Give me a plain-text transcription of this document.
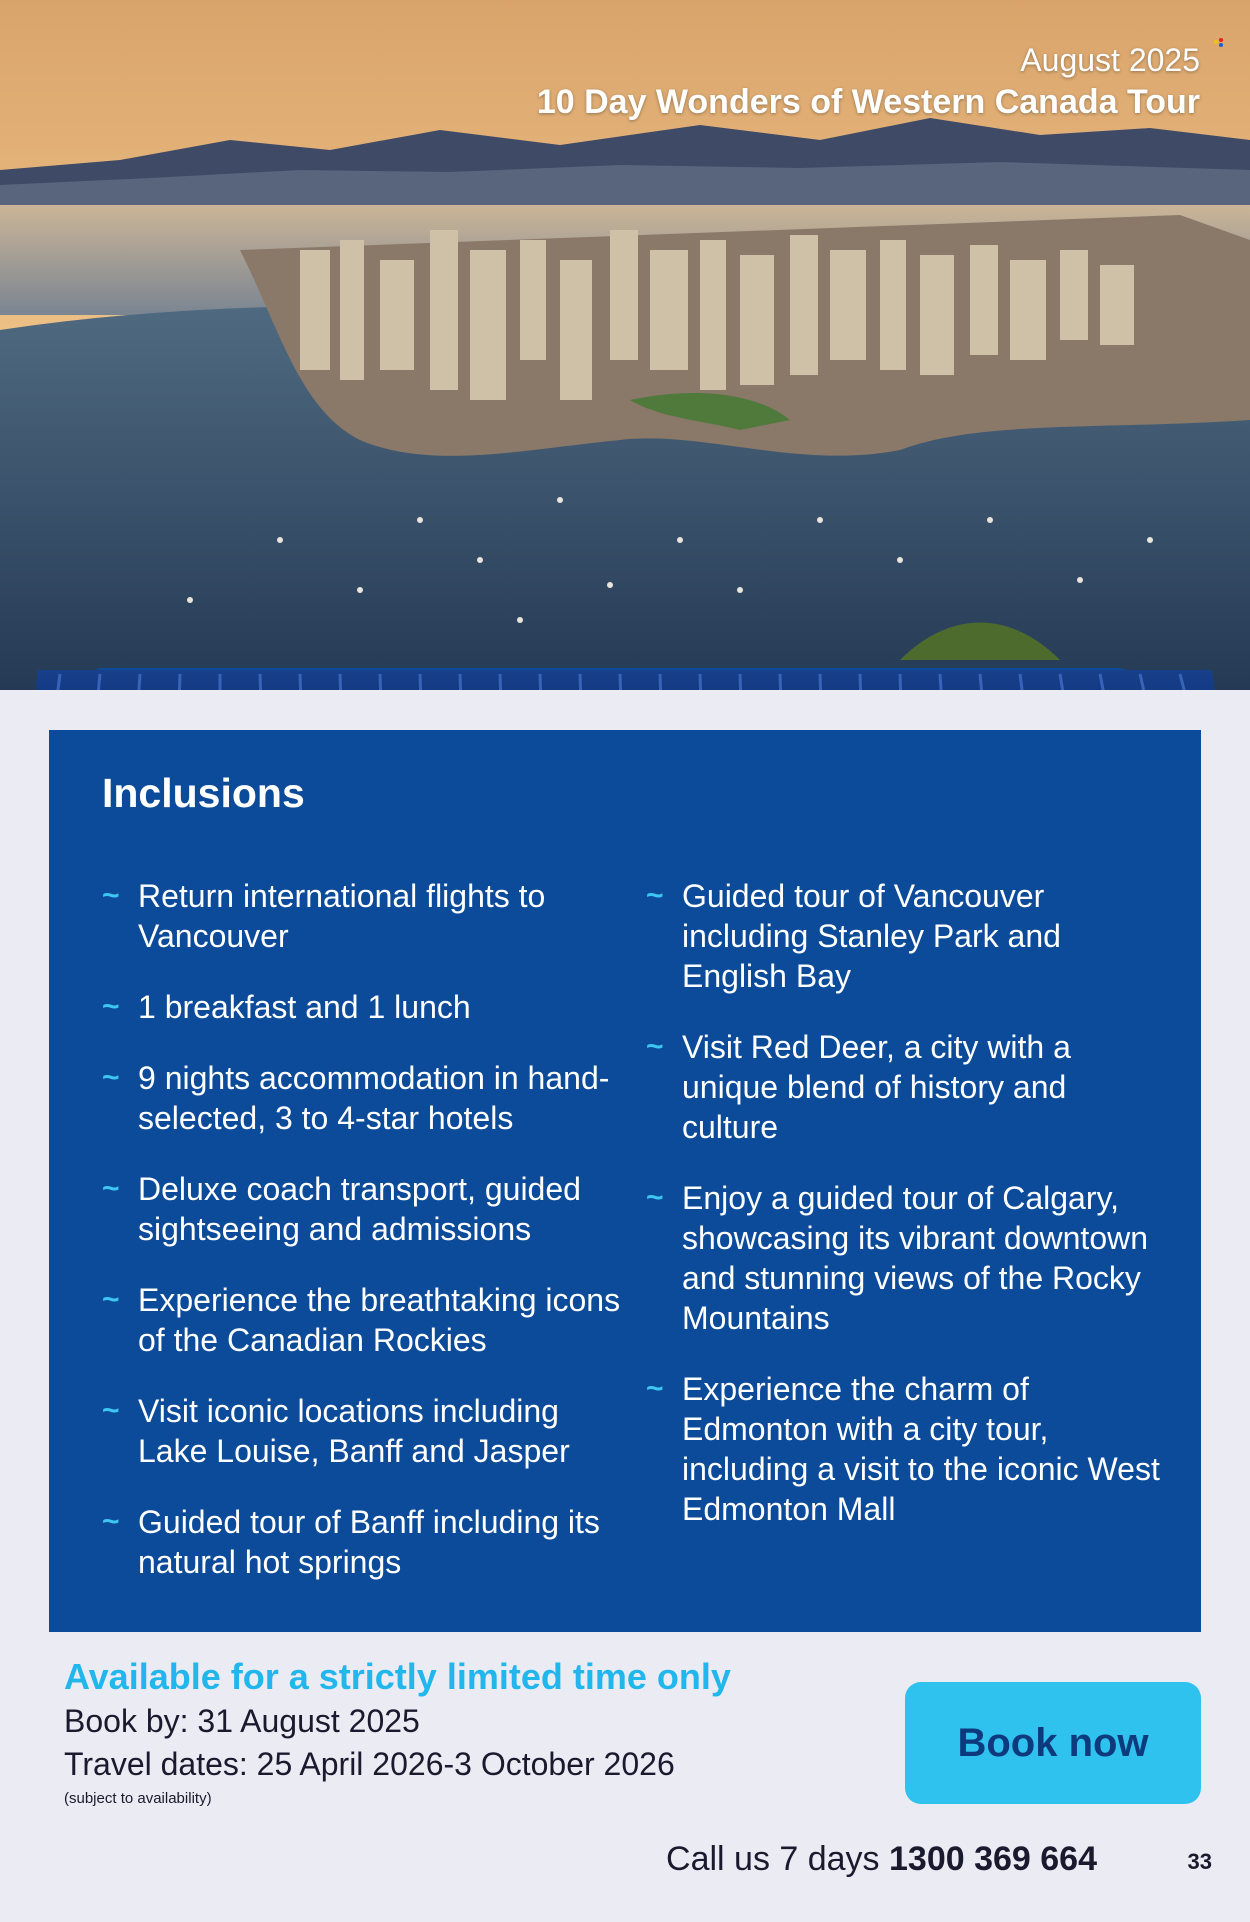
August 2025
10 Day Wonders of Western Canada Tour
Inclusions
~ Return international flights to Vancouver
~ 1 breakfast and 1 lunch
~ 9 nights accommodation in hand-selected, 3 to 4-star hotels
~ Deluxe coach transport, guided sightseeing and admissions
~ Experience the breathtaking icons of the Canadian Rockies
~ Visit iconic locations including Lake Louise, Banff and Jasper
~ Guided tour of Banff including its natural hot springs
~ Guided tour of Vancouver including Stanley Park and English Bay
~ Visit Red Deer, a city with a unique blend of history and culture
~ Enjoy a guided tour of Calgary, showcasing its vibrant downtown and stunning views of the Rocky Mountains
~ Experience the charm of Edmonton with a city tour, including a visit to the iconic West Edmonton Mall
Available for a strictly limited time only
Book by: 31 August 2025
Travel dates: 25 April 2026-3 October 2026
(subject to availability)
Book now
Call us 7 days 1300 369 664	33
